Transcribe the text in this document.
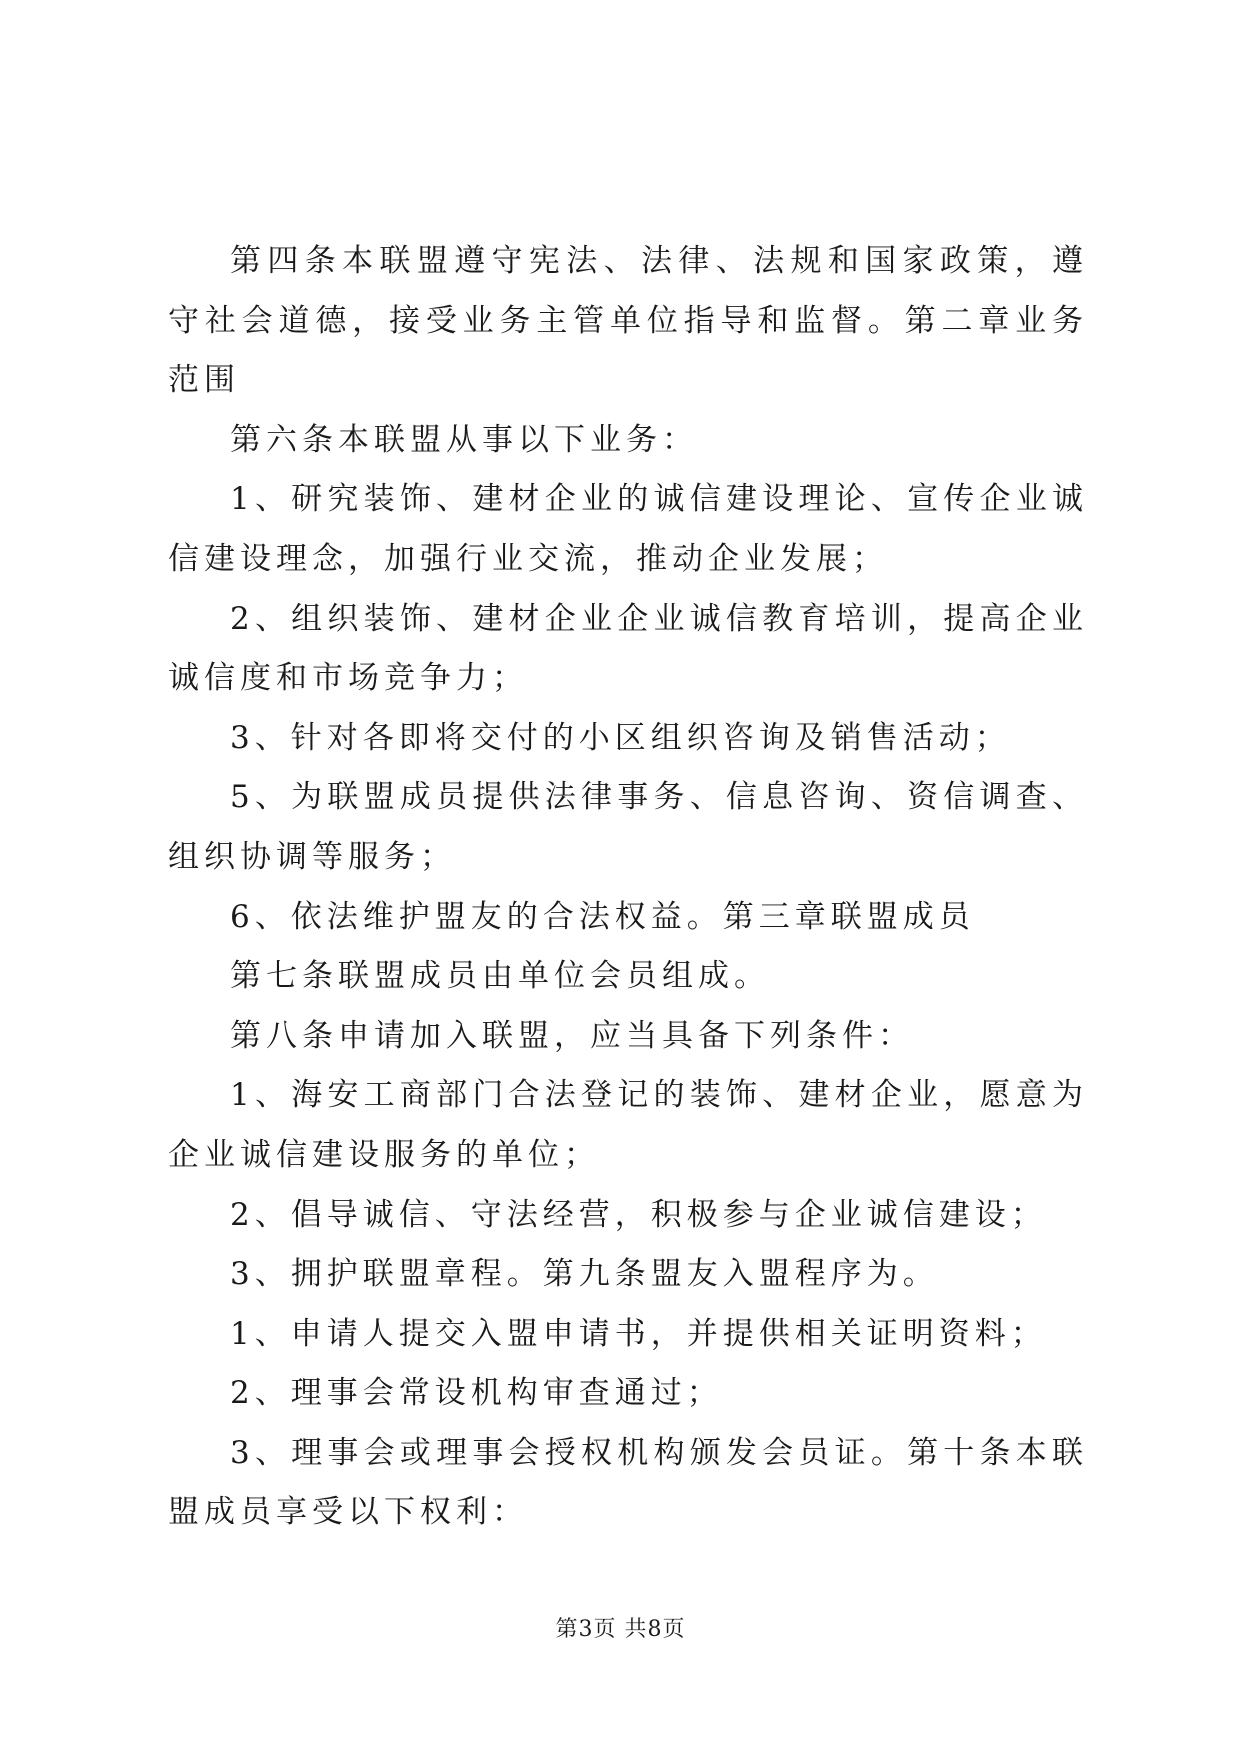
第四条本联盟遵守宪法、法律、法规和国家政策，遵守社会道德，接受业务主管单位指导和监督。第二章业务范围

第六条本联盟从事以下业务：

1、研究装饰、建材企业的诚信建设理论、宣传企业诚信建设理念，加强行业交流，推动企业发展；

2、组织装饰、建材企业企业诚信教育培训，提高企业诚信度和市场竞争力；

3、针对各即将交付的小区组织咨询及销售活动；

5、为联盟成员提供法律事务、信息咨询、资信调查、组织协调等服务；

6、依法维护盟友的合法权益。第三章联盟成员

第七条联盟成员由单位会员组成。

第八条申请加入联盟，应当具备下列条件：

1、海安工商部门合法登记的装饰、建材企业，愿意为企业诚信建设服务的单位；

2、倡导诚信、守法经营，积极参与企业诚信建设；

3、拥护联盟章程。第九条盟友入盟程序为。

1、申请人提交入盟申请书，并提供相关证明资料；

2、理事会常设机构审查通过；

3、理事会或理事会授权机构颁发会员证。第十条本联盟成员享受以下权利：

第3页 共8页
